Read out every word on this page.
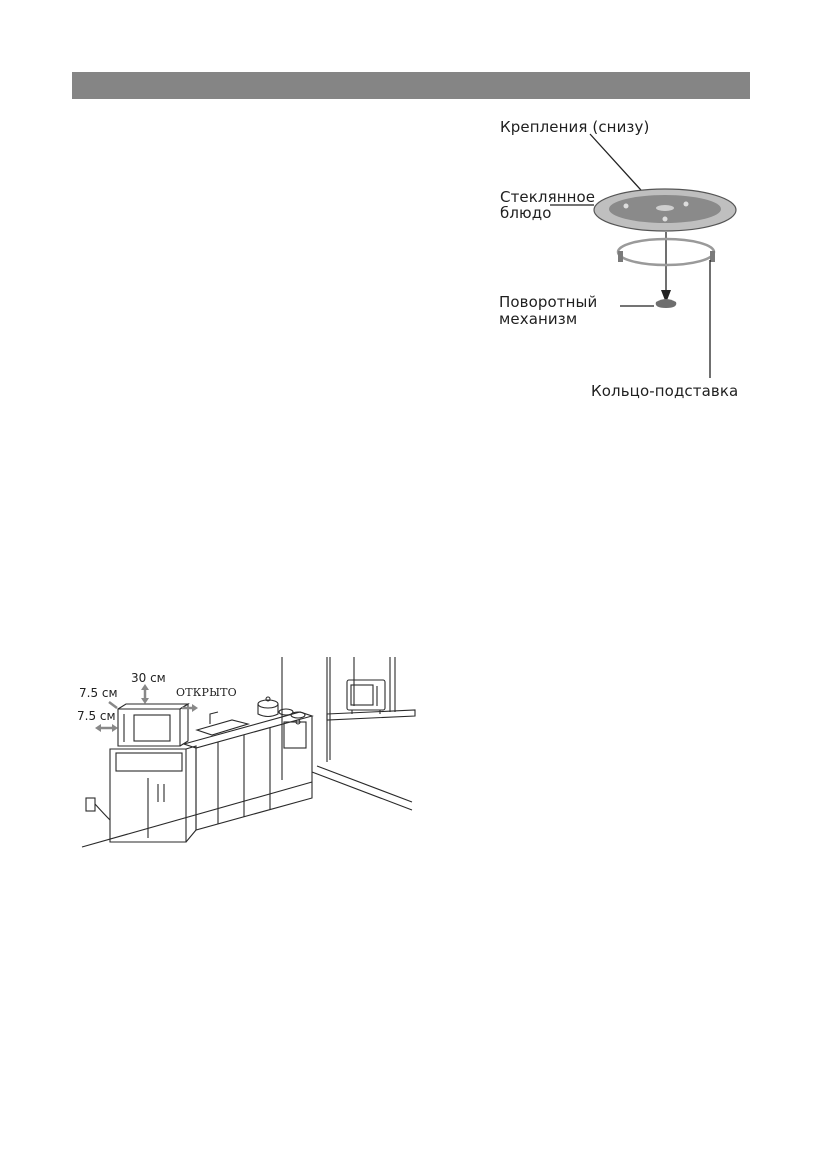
Крепления (снизу)
Стеклянное
блюдо
Поворотный
механизм
Кольцо-подставка
30 см
7.5 см
7.5 см
ОТКРЫТО
